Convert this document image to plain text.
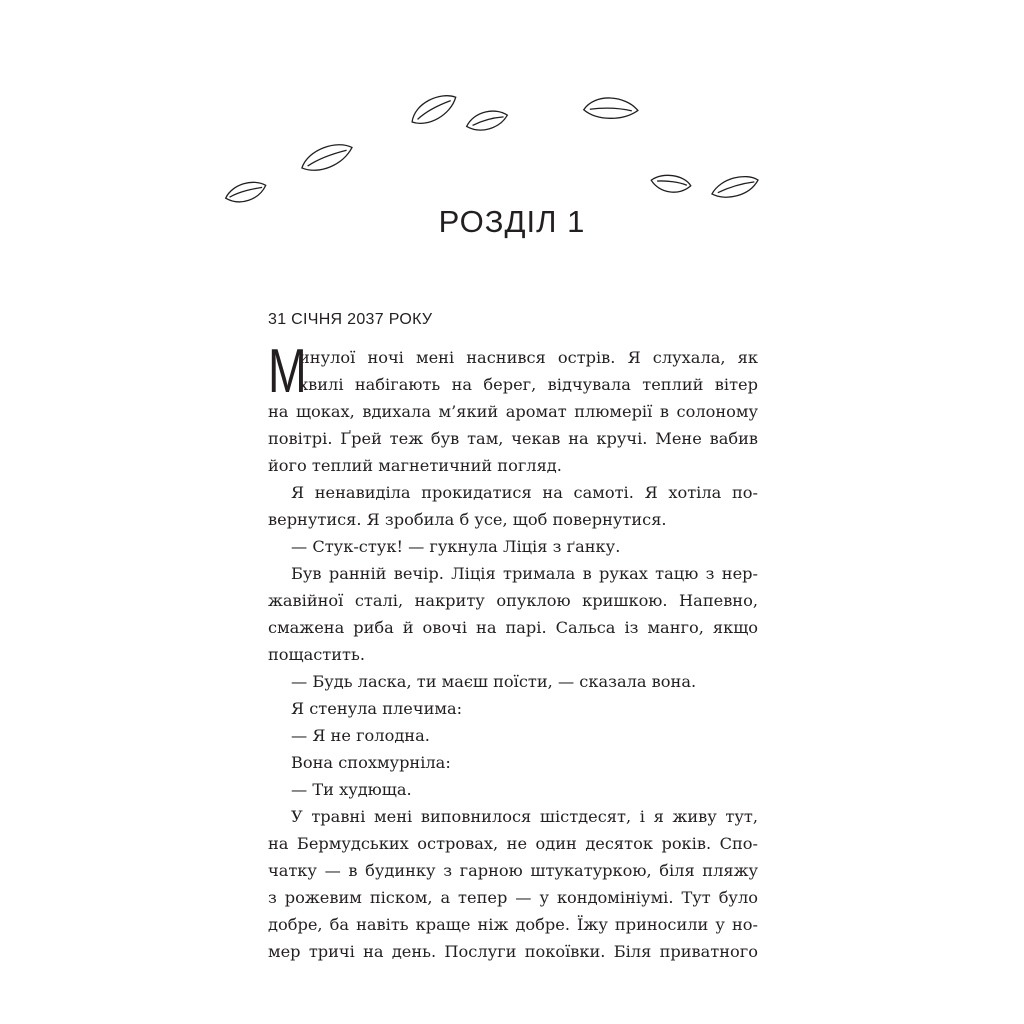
РОЗДІЛ 1
31 СІЧНЯ 2037 РОКУ
М
инулої ночі мені наснився острів. Я слухала, як
хвилі набігають на берег, відчувала теплий вітер
на щоках, вдихала м’який аромат плюмерії в солоному
повітрі. Ґрей теж був там, чекав на кручі. Мене вабив
його теплий магнетичний погляд.
Я ненавиділа прокидатися на самоті. Я хотіла по-
вернутися. Я зробила б усе, щоб повернутися.
— Стук-стук! — гукнула Ліція з ґанку.
Був ранній вечір. Ліція тримала в руках тацю з нер-
жавійної сталі, накриту опуклою кришкою. Напевно,
смажена риба й овочі на парі. Сальса із манго, якщо
пощастить.
— Будь ласка, ти маєш поїсти, — сказала вона.
Я стенула плечима:
— Я не голодна.
Вона спохмурніла:
— Ти худюща.
У травні мені виповнилося шістдесят, і я живу тут,
на Бермудських островах, не один десяток років. Спо-
чатку — в будинку з гарною штукатуркою, біля пляжу
з рожевим піском, а тепер — у кондомініумі. Тут було
добре, ба навіть краще ніж добре. Їжу приносили у но-
мер тричі на день. Послуги покоївки. Біля приватного
